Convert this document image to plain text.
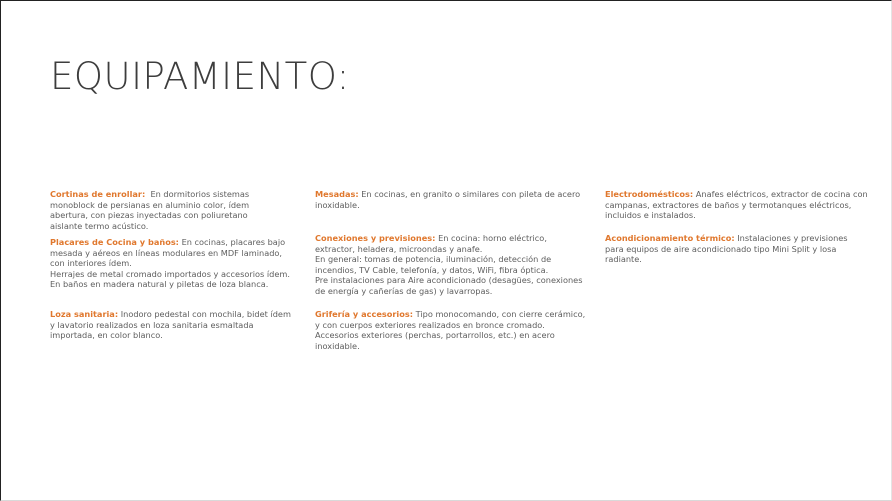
EQUIPAMIENTO:

Cortinas de enrollar: En dormitorios sistemas

monoblock de persianas en aluminio color, ídem

abertura, con piezas inyectadas con poliuretano

aislante termo acústico.

Placares de Cocina y baños: En cocinas, placares bajo

mesada y aéreos en líneas modulares en MDF laminado,

con interiores ídem.

Herrajes de metal cromado importados y accesorios ídem.

En baños en madera natural y piletas de loza blanca.

Loza sanitaria: Inodoro pedestal con mochila, bidet ídem

y lavatorio realizados en loza sanitaria esmaltada

importada, en color blanco.

Mesadas: En cocinas, en granito o similares con pileta de acero

inoxidable.

Conexiones y previsiones: En cocina: horno eléctrico,

extractor, heladera, microondas y anafe.

En general: tomas de potencia, iluminación, detección de

incendios, TV Cable, telefonía, y datos, WiFi, fibra óptica.

Pre instalaciones para Aire acondicionado (desagües, conexiones

de energía y cañerías de gas) y lavarropas.

Grifería y accesorios: Tipo monocomando, con cierre cerámico,

y con cuerpos exteriores realizados en bronce cromado.

Accesorios exteriores (perchas, portarrollos, etc.) en acero

inoxidable.

Electrodomésticos: Anafes eléctricos, extractor de cocina con

campanas, extractores de baños y termotanques eléctricos,

incluidos e instalados.

Acondicionamiento térmico: Instalaciones y previsiones

para equipos de aire acondicionado tipo Mini Split y losa

radiante.
